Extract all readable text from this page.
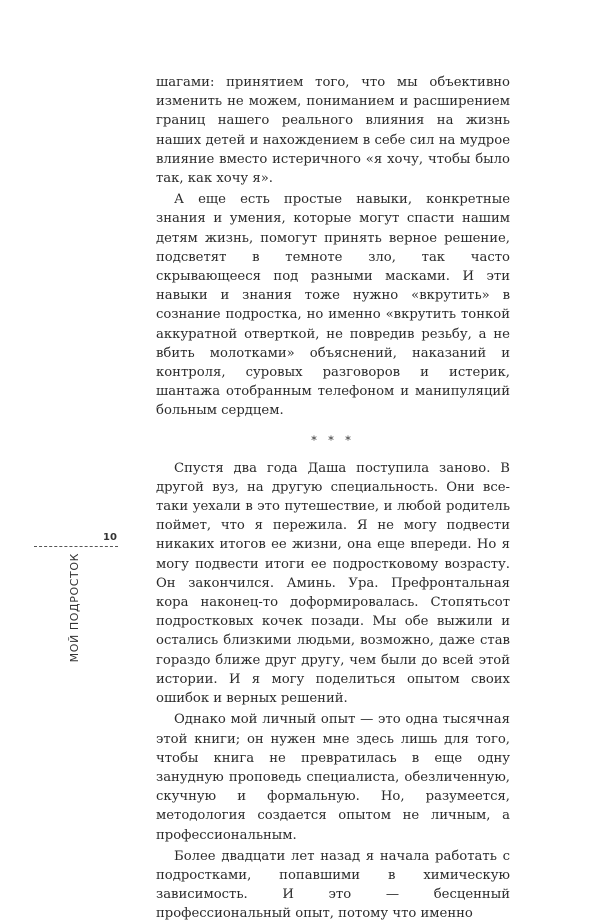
шагами: принятием того, что мы объективно изменить не можем, пониманием и расширением границ нашего реального влияния на жизнь наших детей и нахождением в себе сил на мудрое влияние вместо истеричного «я хочу, чтобы было так, как хочу я».

А еще есть простые навыки, конкретные знания и умения, которые могут спасти нашим детям жизнь, помогут принять верное решение, подсветят в темноте зло, так часто скрывающееся под разными масками. И эти навыки и знания тоже нужно «вкрутить» в сознание подростка, но именно «вкрутить тонкой аккуратной отверткой, не повредив резьбу, а не вбить молотками» объяснений, наказаний и контроля, суровых разговоров и истерик, шантажа отобранным телефоном и манипуляций больным сердцем.

* * *

Спустя два года Даша поступила заново. В другой вуз, на другую специальность. Они все-таки уехали в это путешествие, и любой родитель поймет, что я пережила. Я не могу подвести никаких итогов ее жизни, она еще впереди. Но я могу подвести итоги ее подростковому возрасту. Он закончился. Аминь. Ура. Префронтальная кора наконец-то доформировалась. Стопятьсот подростковых кочек позади. Мы обе выжили и остались близкими людьми, возможно, даже став гораздо ближе друг другу, чем были до всей этой истории. И я могу поделиться опытом своих ошибок и верных решений.

Однако мой личный опыт — это одна тысячная этой книги; он нужен мне здесь лишь для того, чтобы книга не превратилась в еще одну занудную проповедь специалиста, обезличенную, скучную и формальную. Но, разумеется, методология создается опытом не личным, а профессиональным.

Более двадцати лет назад я начала работать с подростками, попавшими в химическую зависимость. И это — бесценный профессиональный опыт, потому что именно

10
МОЙ ПОДРОСТОК
